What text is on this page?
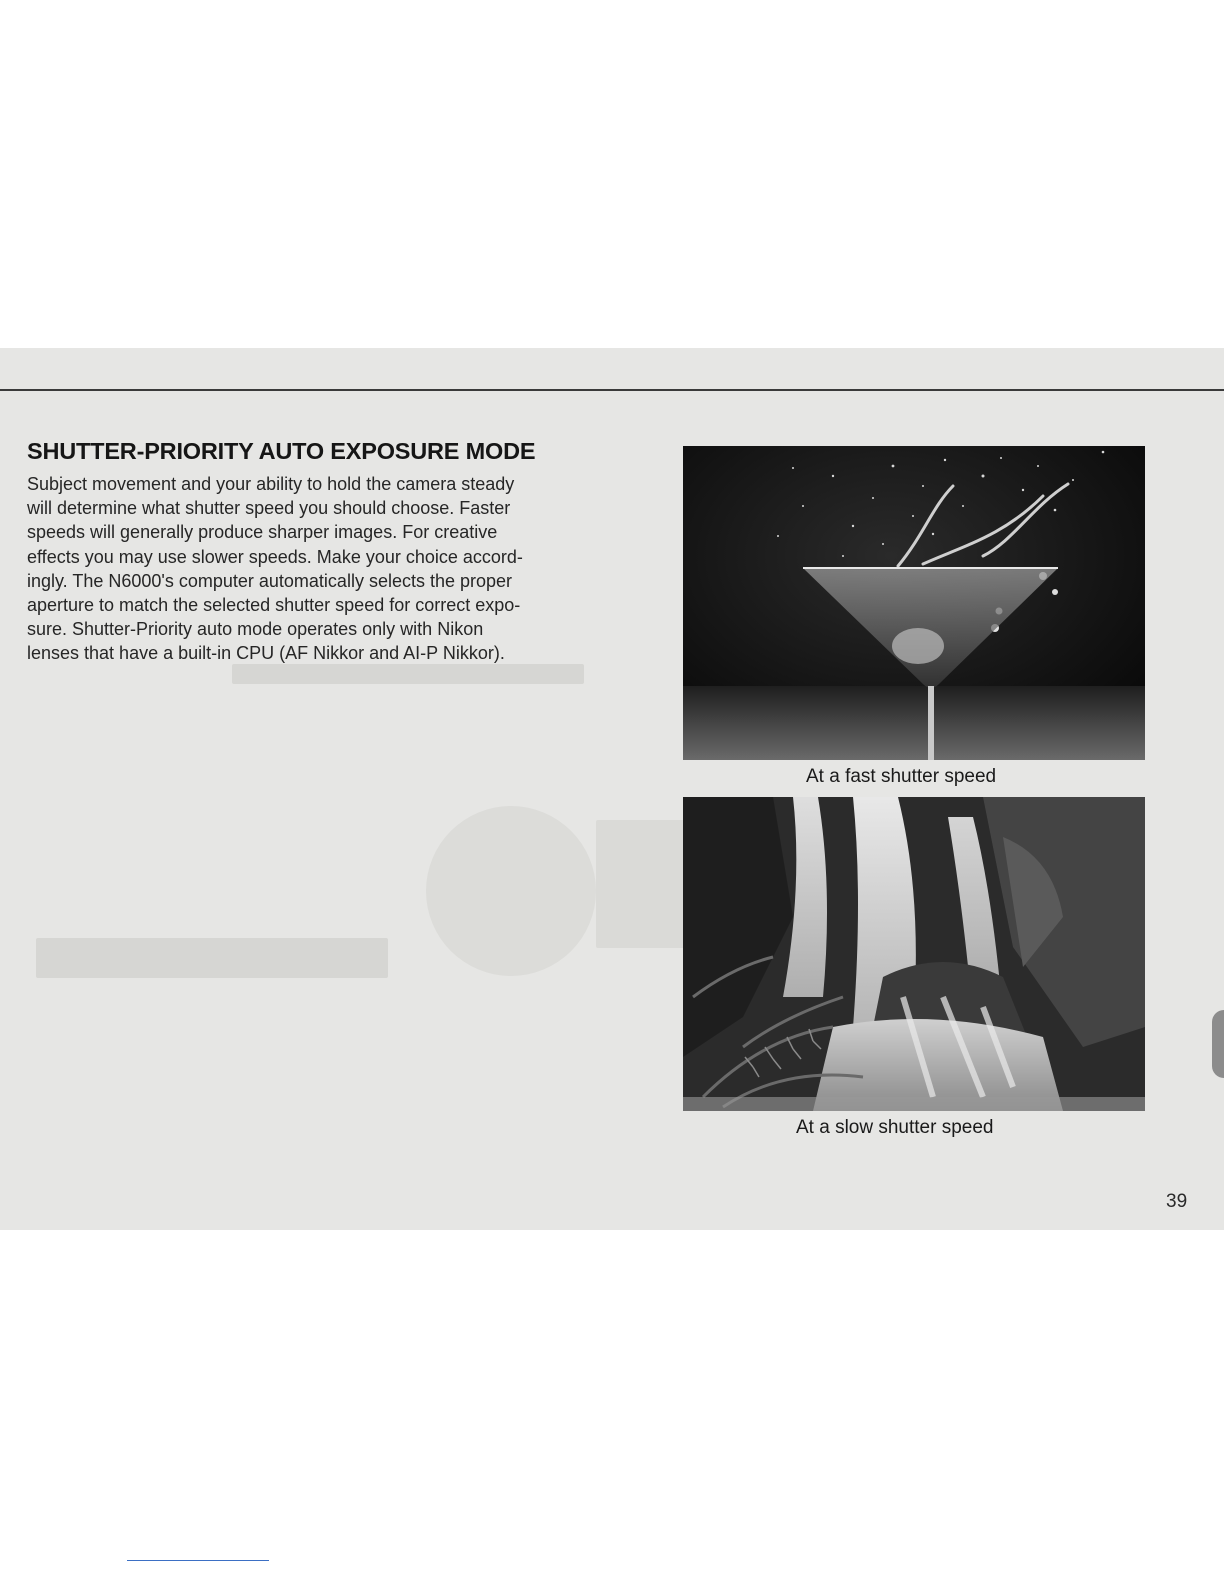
SHUTTER-PRIORITY AUTO EXPOSURE MODE

Subject movement and your ability to hold the camera steady
will determine what shutter speed you should choose. Faster
speeds will generally produce sharper images. For creative
effects you may use slower speeds. Make your choice accord-
ingly. The N6000's computer automatically selects the proper
aperture to match the selected shutter speed for correct expo-
sure. Shutter-Priority auto mode operates only with Nikon
lenses that have a built-in CPU (AF Nikkor and AI-P Nikkor).

At a fast shutter speed

At a slow shutter speed

39
